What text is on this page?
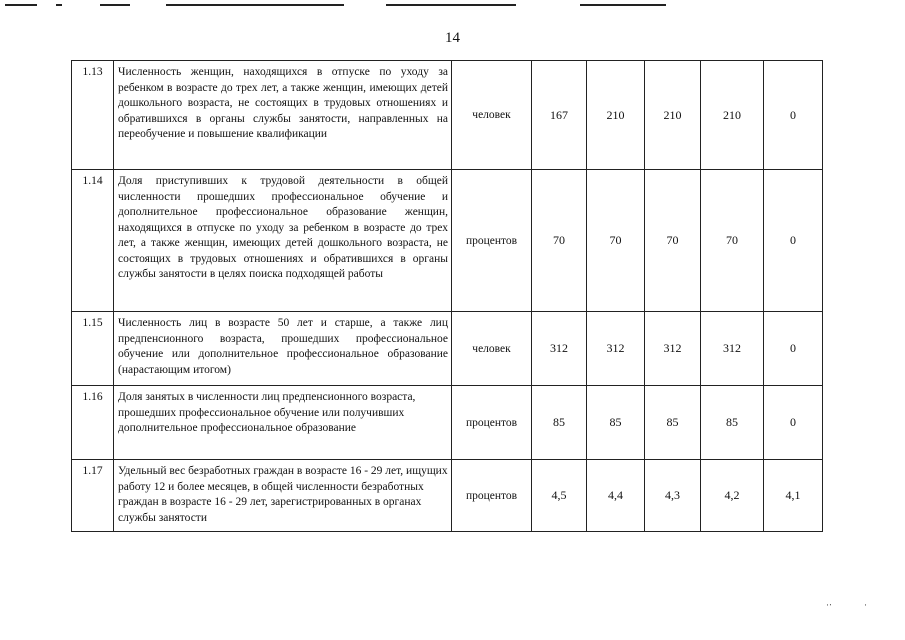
14
1.13	Численность женщин, находящихся в отпуске по уходу за ребенком в возрасте до трех лет, а также женщин, имеющих детей дошкольного возраста, не состоящих в трудовых отношениях и обратившихся в органы службы занятости, направленных на переобучение и повышение квалификации	человек	167	210	210	210	0
1.14	Доля приступивших к трудовой деятельности в общей численности прошедших профессиональное обучение и дополнительное профессиональное образование женщин, находящихся в отпуске по уходу за ребенком в возрасте до трех лет, а также женщин, имеющих детей дошкольного возраста, не состоящих в трудовых отношениях и обратившихся в органы службы занятости в целях поиска подходящей работы	процентов	70	70	70	70	0
1.15	Численность лиц в возрасте 50 лет и старше, а также лиц предпенсионного возраста, прошедших профессиональное обучение или дополнительное профессиональное образование (нарастающим итогом)	человек	312	312	312	312	0
1.16	Доля занятых в численности лиц предпенсионного возраста, прошедших профессиональное обучение или получивших дополнительное профессиональное образование	процентов	85	85	85	85	0
1.17	Удельный вес безработных граждан в возрасте 16 - 29 лет, ищущих работу 12 и более месяцев, в общей численности безработных граждан в возрасте 16 - 29 лет, зарегистрированных в органах службы занятости	процентов	4,5	4,4	4,3	4,2	4,1
·‧	·
